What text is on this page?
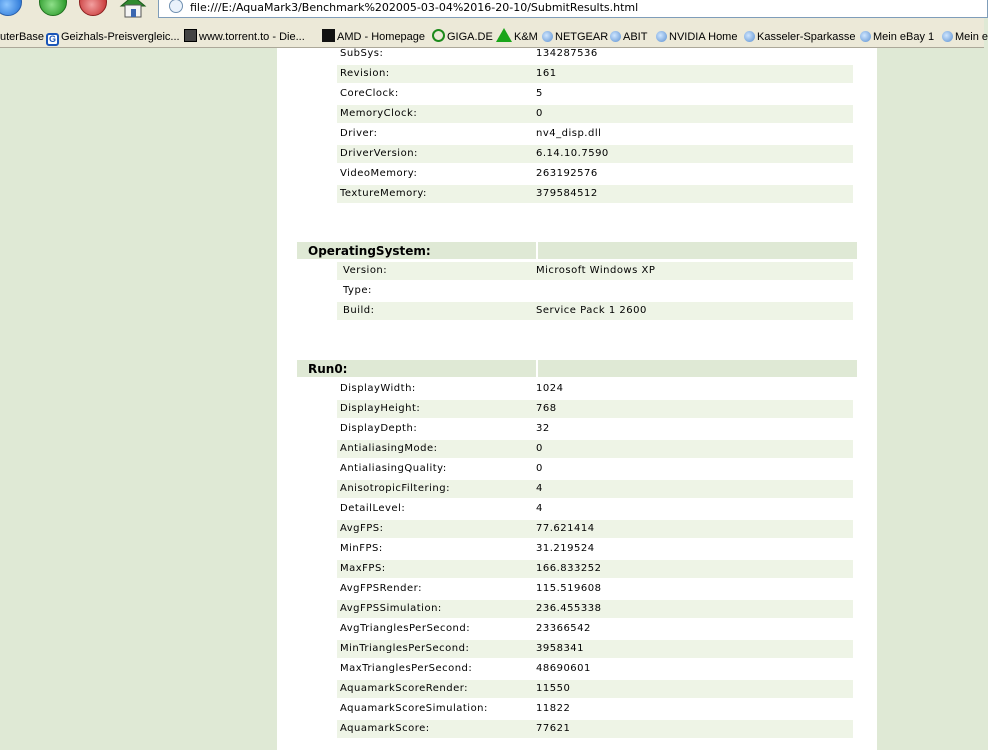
file:///E:/AquaMark3/Benchmark%202005-03-04%2016-20-10/SubmitResults.html
uterBase G Geizhals-Preisvergleic...	www.torrent.to - Die...	AMD - Homepage	GIGA.DE	K&M	NETGEAR	ABIT	NVIDIA Home	Kasseler-Sparkasse	Mein eBay 1	Mein e
SubSys:	134287536
Revision:	161
CoreClock:	5
MemoryClock:	0
Driver:	nv4_disp.dll
DriverVersion:	6.14.10.7590
VideoMemory:	263192576
TextureMemory:	379584512
OperatingSystem:
Version:	Microsoft Windows XP
Type:
Build:	Service Pack 1 2600
Run0:
DisplayWidth:	1024
DisplayHeight:	768
DisplayDepth:	32
AntialiasingMode:	0
AntialiasingQuality:	0
AnisotropicFiltering:	4
DetailLevel:	4
AvgFPS:	77.621414
MinFPS:	31.219524
MaxFPS:	166.833252
AvgFPSRender:	115.519608
AvgFPSSimulation:	236.455338
AvgTrianglesPerSecond:	23366542
MinTrianglesPerSecond:	3958341
MaxTrianglesPerSecond:	48690601
AquamarkScoreRender:	11550
AquamarkScoreSimulation:	11822
AquamarkScore:	77621
